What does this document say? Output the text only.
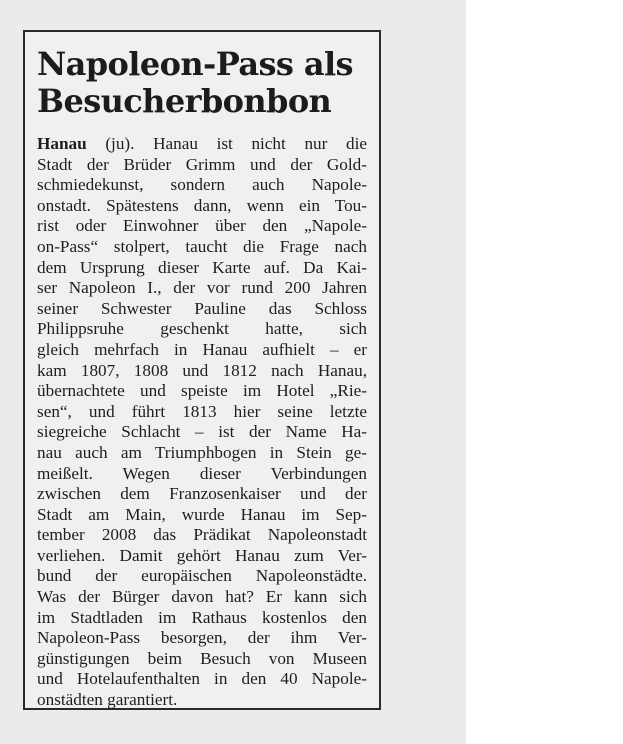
Napoleon-Pass als
Besucherbonbon
Hanau (ju). Hanau ist nicht nur die
Stadt der Brüder Grimm und der Gold-
schmiedekunst, sondern auch Napole-
onstadt. Spätestens dann, wenn ein Tou-
rist oder Einwohner über den „Napole-
on-Pass“ stolpert, taucht die Frage nach
dem Ursprung dieser Karte auf. Da Kai-
ser Napoleon I., der vor rund 200 Jahren
seiner Schwester Pauline das Schloss
Philippsruhe geschenkt hatte, sich
gleich mehrfach in Hanau aufhielt – er
kam 1807, 1808 und 1812 nach Hanau,
übernachtete und speiste im Hotel „Rie-
sen“, und führt 1813 hier seine letzte
siegreiche Schlacht – ist der Name Ha-
nau auch am Triumphbogen in Stein ge-
meißelt. Wegen dieser Verbindungen
zwischen dem Franzosenkaiser und der
Stadt am Main, wurde Hanau im Sep-
tember 2008 das Prädikat Napoleonstadt
verliehen. Damit gehört Hanau zum Ver-
bund der europäischen Napoleonstädte.
Was der Bürger davon hat? Er kann sich
im Stadtladen im Rathaus kostenlos den
Napoleon-Pass besorgen, der ihm Ver-
günstigungen beim Besuch von Museen
und Hotelaufenthalten in den 40 Napole-
onstädten garantiert.
